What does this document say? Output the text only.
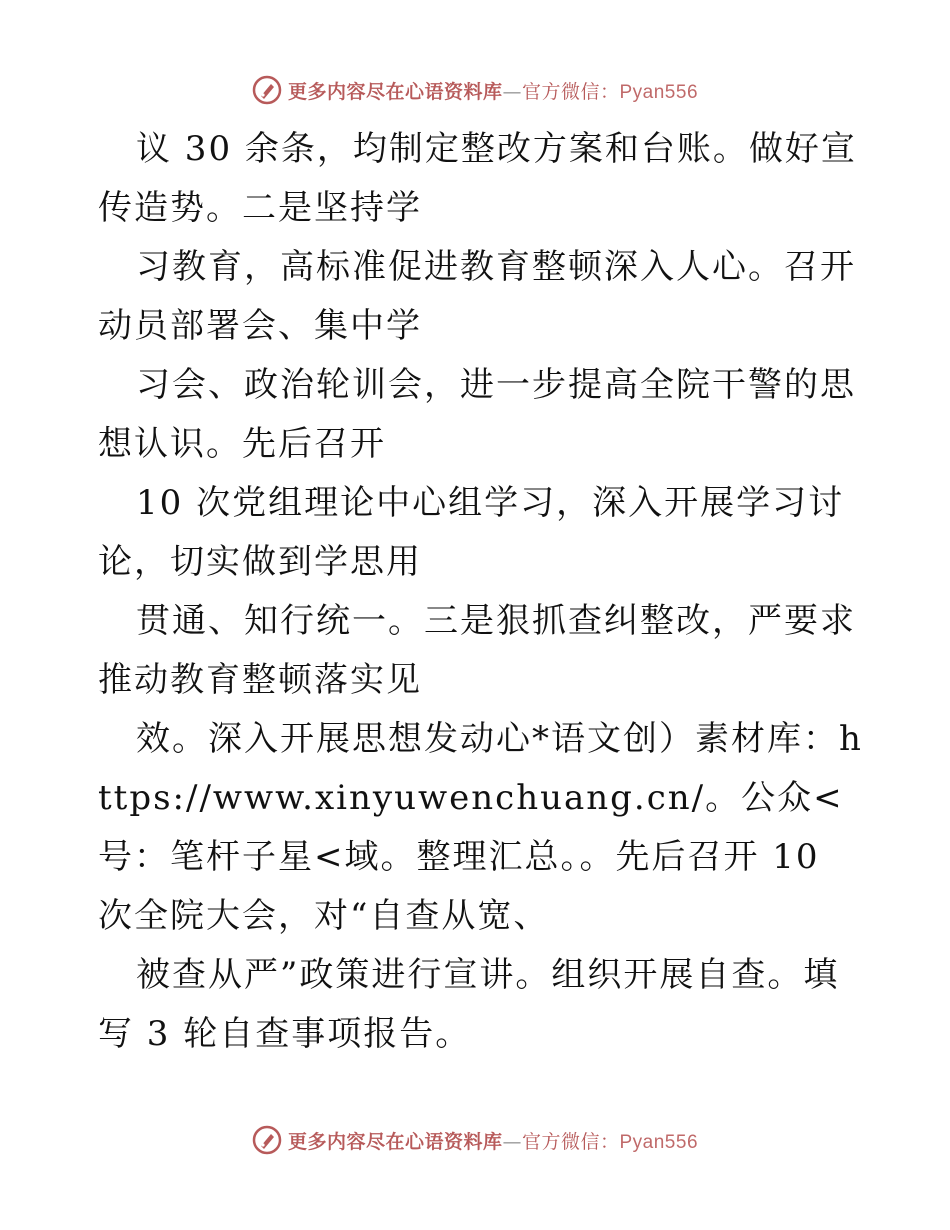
更多内容尽在心语资料库—官方微信：Pyan556

议 30 余条，均制定整改方案和台账。做好宣传造势。二是坚持学

习教育，高标准促进教育整顿深入人心。召开动员部署会、集中学

习会、政治轮训会，进一步提高全院干警的思想认识。先后召开

10 次党组理论中心组学习，深入开展学习讨论，切实做到学思用

贯通、知行统一。三是狠抓查纠整改，严要求推动教育整顿落实见

效。深入开展思想发动心*语文创）素材库：https://www.xinyuwenchuang.cn/。公众<号：笔杆子星<域。整理汇总。。先后召开 10 次全院大会，对“自查从宽、

被查从严”政策进行宣讲。组织开展自查。填写 3 轮自查事项报告。

更多内容尽在心语资料库—官方微信：Pyan556
